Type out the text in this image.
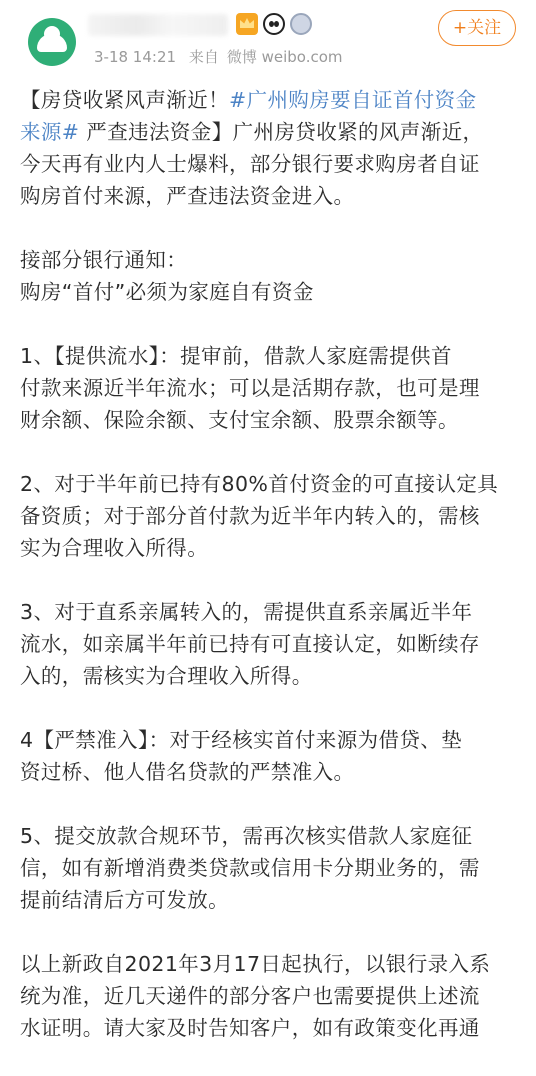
3-18 14:21 来自 微博 weibo.com
+关注
【房贷收紧风声渐近！#广州购房要自证首付资金
来源# 严查违法资金】广州房贷收紧的风声渐近，
今天再有业内人士爆料，部分银行要求购房者自证
购房首付来源，严查违法资金进入。
接部分银行通知：
购房“首付”必须为家庭自有资金
1、【提供流水】：提审前，借款人家庭需提供首
付款来源近半年流水；可以是活期存款，也可是理
财余额、保险余额、支付宝余额、股票余额等。
2、对于半年前已持有80%首付资金的可直接认定具
备资质；对于部分首付款为近半年内转入的，需核
实为合理收入所得。
3、对于直系亲属转入的，需提供直系亲属近半年
流水，如亲属半年前已持有可直接认定，如断续存
入的，需核实为合理收入所得。
4【严禁准入】：对于经核实首付来源为借贷、垫
资过桥、他人借名贷款的严禁准入。
5、提交放款合规环节，需再次核实借款人家庭征
信，如有新增消费类贷款或信用卡分期业务的，需
提前结清后方可发放。
以上新政自2021年3月17日起执行，以银行录入系
统为准，近几天递件的部分客户也需要提供上述流
水证明。请大家及时告知客户，如有政策变化再通
